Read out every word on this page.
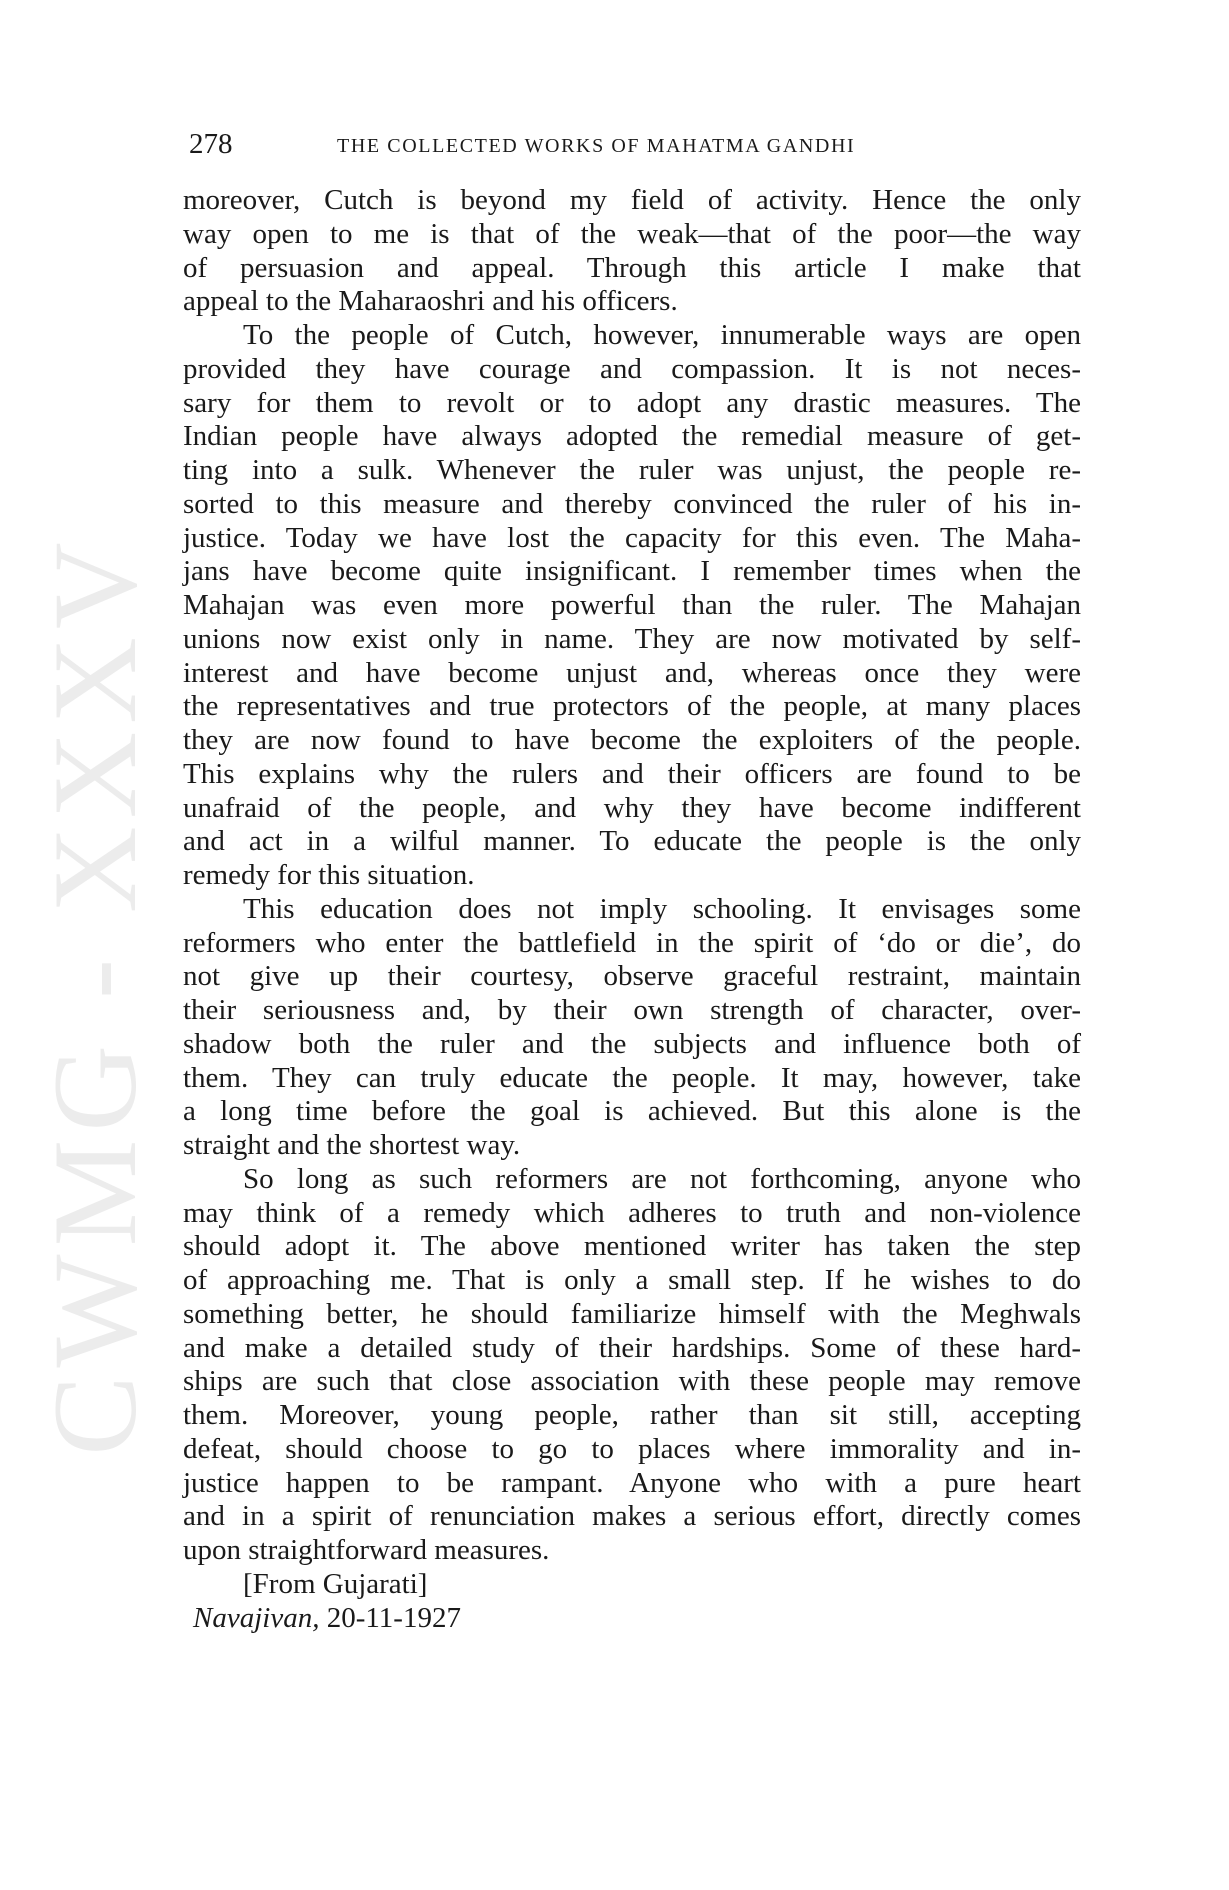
CWMG - XXXV
278	THE COLLECTED WORKS OF MAHATMA GANDHI
moreover, Cutch is beyond my field of activity. Hence the only
way open to me is that of the weak—that of the poor—the way
of persuasion and appeal. Through this article I make that
appeal to the Maharaoshri and his officers.
To the people of Cutch, however, innumerable ways are open
provided they have courage and compassion. It is not neces-
sary for them to revolt or to adopt any drastic measures. The
Indian people have always adopted the remedial measure of get-
ting into a sulk. Whenever the ruler was unjust, the people re-
sorted to this measure and thereby convinced the ruler of his in-
justice. Today we have lost the capacity for this even. The Maha-
jans have become quite insignificant. I remember times when the
Mahajan was even more powerful than the ruler. The Mahajan
unions now exist only in name. They are now motivated by self-
interest and have become unjust and, whereas once they were
the representatives and true protectors of the people, at many places
they are now found to have become the exploiters of the people.
This explains why the rulers and their officers are found to be
unafraid of the people, and why they have become indifferent
and act in a wilful manner. To educate the people is the only
remedy for this situation.
This education does not imply schooling. It envisages some
reformers who enter the battlefield in the spirit of ‘do or die’, do
not give up their courtesy, observe graceful restraint, maintain
their seriousness and, by their own strength of character, over-
shadow both the ruler and the subjects and influence both of
them. They can truly educate the people. It may, however, take
a long time before the goal is achieved. But this alone is the
straight and the shortest way.
So long as such reformers are not forthcoming, anyone who
may think of a remedy which adheres to truth and non-violence
should adopt it. The above mentioned writer has taken the step
of approaching me. That is only a small step. If he wishes to do
something better, he should familiarize himself with the Meghwals
and make a detailed study of their hardships. Some of these hard-
ships are such that close association with these people may remove
them. Moreover, young people, rather than sit still, accepting
defeat, should choose to go to places where immorality and in-
justice happen to be rampant. Anyone who with a pure heart
and in a spirit of renunciation makes a serious effort, directly comes
upon straightforward measures.
[From Gujarati]
Navajivan, 20-11-1927
